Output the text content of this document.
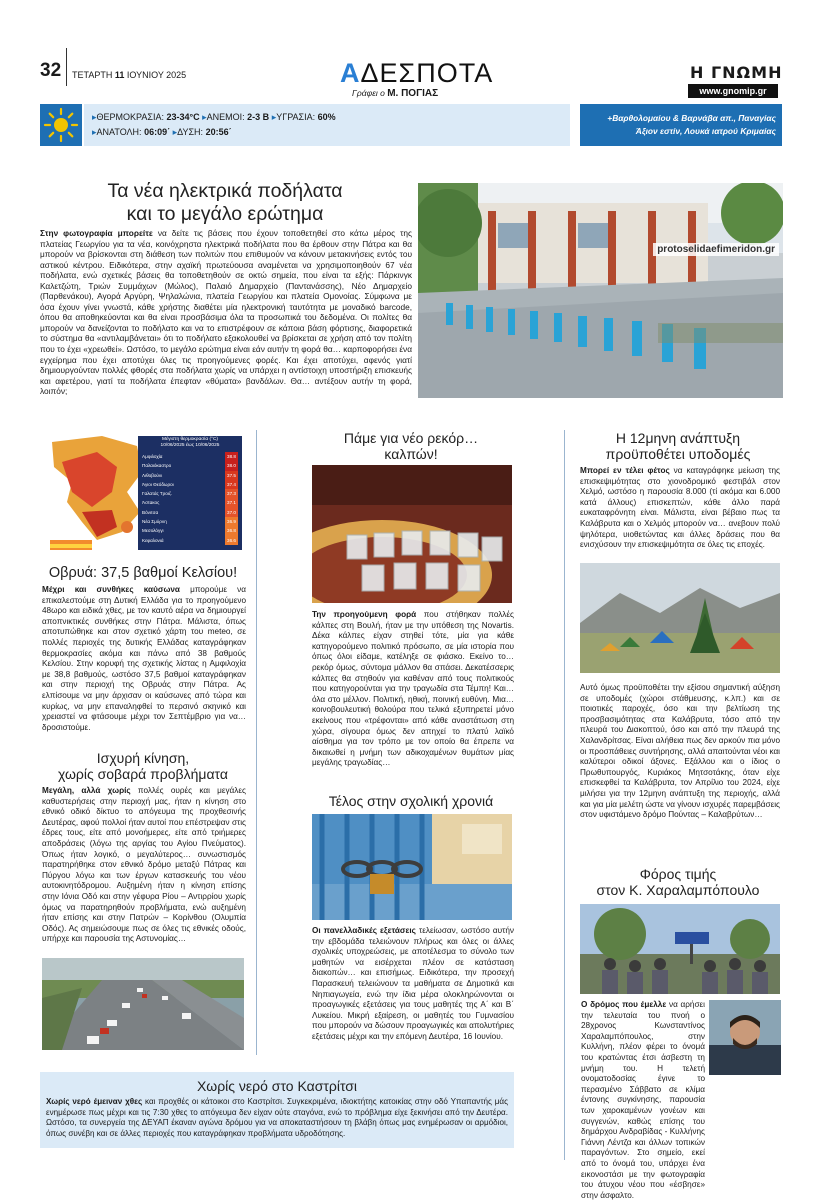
32 ΤΕΤΑΡΤΗ 11 ΙΟΥΝΙΟΥ 2025	ΑΔΕΣΠΟΤΑ
Γράφει ο Μ. ΠΟΓΙΑΣ
Η ΓΝΩΜΗ
www.gnomip.gr
▸ΘΕΡΜΟΚΡΑΣΙΑ: 23-34°C ▸ΑΝΕΜΟΙ: 2-3 Β ▸ΥΓΡΑΣΙΑ: 60%
▸ΑΝΑΤΟΛΗ: 06:09΄ ▸ΔΥΣΗ: 20:56΄
+Βαρθολομαίου & Βαρνάβα απ., Παναγίας
Άξιον εστίν, Λουκά ιατρού Κριμαίας
Τα νέα ηλεκτρικά ποδήλατα
και το μεγάλο ερώτημα

Στην φωτογραφία μπορείτε να δείτε τις βάσεις που έχουν τοποθετηθεί στο κάτω μέρος της πλατείας Γεωργίου για τα νέα, κοινόχρηστα ηλεκτρικά ποδήλατα που θα έρθουν στην Πάτρα και θα μπορούν να βρίσκονται στη διάθεση των πολιτών που επιθυμούν να κάνουν μετακινήσεις εντός του αστικού κέντρου. Ειδικότερα, στην αχαϊκή πρωτεύουσα αναμένεται να χρησιμοποιηθούν 67 νέα ποδήλατα, ενώ σχετικές βάσεις θα τοποθετηθούν σε οκτώ σημεία, που είναι τα εξής: Πάρκινγκ Καλετζώτη, Τριών Συμμάχων (Μώλος), Παλαιό Δημαρχείο (Παντανάσσης), Νέο Δημαρχείο (Παρθενάκου), Αγορά Αργύρη, Ψηλαλώνια, πλατεία Γεωργίου και πλατεία Ομονοίας. Σύμφωνα με όσα έχουν γίνει γνωστά, κάθε χρήστης διαθέτει μία ηλεκτρονική ταυτότητα με μοναδικό barcode, όπου θα αποθηκεύονται και θα είναι προσβάσιμα όλα τα προσωπικά του δεδομένα. Οι πολίτες θα μπορούν να δανείζονται το ποδήλατο και να το επιστρέφουν σε κάποια βάση φόρτισης, διαφορετικά το σύστημα θα «αντιλαμβάνεται» ότι το ποδήλατο εξακολουθεί να βρίσκεται σε χρήση από τον πολίτη που το έχει «χρεωθεί». Ωστόσο, το μεγάλο ερώτημα είναι εάν αυτήν τη φορά θα… καρποφορήσει ένα εγχείρημα που έχει αποτύχει όλες τις προηγούμενες φορές. Και έχει αποτύχει, αφενός γιατί δημιουργούνταν πολλές φθορές στα ποδήλατα χωρίς να υπάρχει η αντίστοιχη υποστήριξη επισκευής και αφετέρου, γιατί τα ποδήλατα έπεφταν «θύματα» βανδάλων. Θα… αντέξουν αυτήν τη φορά, λοιπόν;

protoselidaefimeridon.gr
Μέγιστη θερμοκρασία (°C)
10/06/2025 έως 10/06/2025
Αμφιλοχία	38.8
Παλαιόκαστρο	38.0
Λιθοβούνι	37.5
Άγιοι Θεόδωροι	37.4
Γαλατάς Τροιζ.	37.3
Άστακος	37.1
Βόνιτσα	37.0
Νέα Σμύρνη	36.9
Μεσολόγγι	36.8
Κεφαλονιά	36.6
Οβρυά: 37,5 βαθμοί Κελσίου!

Μέχρι και συνθήκες καύσωνα μπορούμε να επικαλεστούμε στη Δυτική Ελλάδα για το προηγούμενο 48ωρο και ειδικά χθες, με τον καυτό αέρα να δημιουργεί αποπνικτικές συνθήκες στην Πάτρα. Μάλιστα, όπως αποτυπώθηκε και στον σχετικό χάρτη του meteo, σε πολλές περιοχές της δυτικής Ελλάδας καταγράφηκαν θερμοκρασίες ακόμα και πάνω από 38 βαθμούς Κελσίου. Στην κορυφή της σχετικής λίστας η Αμφιλοχία με 38,8 βαθμούς, ωστόσο 37,5 βαθμοί καταγράφηκαν και στην περιοχή της Οβρυάς στην Πάτρα. Ας ελπίσουμε να μην άρχισαν οι καύσωνες από τώρα και κυρίως, να μην επαναληφθεί το περσινό σκηνικό και χρειαστεί να φτάσουμε μέχρι τον Σεπτέμβριο για να… δροσιστούμε.

Ισχυρή κίνηση,
χωρίς σοβαρά προβλήματα

Μεγάλη, αλλά χωρίς πολλές ουρές και μεγάλες καθυστερήσεις στην περιοχή μας, ήταν η κίνηση στο εθνικό οδικό δίκτυο το απόγευμα της προχθεσινής Δευτέρας, αφού πολλοί ήταν αυτοί που επέστρεψαν στις έδρες τους, είτε από μονοήμερες, είτε από τριήμερες αποδράσεις (λόγω της αργίας του Αγίου Πνεύματος). Όπως ήταν λογικό, ο μεγαλύτερος… συνωστισμός παρατηρήθηκε στον εθνικό δρόμο μεταξύ Πάτρας και Πύργου λόγω και των έργων κατασκευής του νέου αυτοκινητόδρομου. Αυξημένη ήταν η κίνηση επίσης στην Ιόνια Οδό και στην γέφυρα Ρίου – Αντιρρίου χωρίς όμως να παρατηρηθούν προβλήματα, ενώ αυξημένη ήταν επίσης και στην Πατρών – Κορίνθου (Ολυμπία Οδός). Ας σημειώσουμε πως σε όλες τις εθνικές οδούς, υπήρχε και παρουσία της Αστυνομίας…

Πάμε για νέο ρεκόρ…
καλπών!

Την προηγούμενη φορά που στήθηκαν πολλές κάλπες στη Βουλή, ήταν με την υπόθεση της Novartis. Δέκα κάλπες είχαν στηθεί τότε, μία για κάθε κατηγορούμενο πολιτικό πρόσωπο, σε μία ιστορία που όπως όλοι είδαμε, κατέληξε σε φιάσκο. Εκείνο το… ρεκόρ όμως, σύντομα μάλλον θα σπάσει. Δεκατέσσερις κάλπες θα στηθούν για καθέναν από τους πολιτικούς που κατηγορούνται για την τραγωδία στα Τέμπη! Και… όλα στο μέλλον. Πολιτική, ηθική, ποινική ευθύνη. Μια… κοινοβουλευτική θολούρα που τελικά εξυπηρετεί μόνο εκείνους που «τρέφονται» από κάθε αναστάτωση στη χώρα, σίγουρα όμως δεν απηχεί το πλατύ λαϊκό αίσθημα για τον τρόπο με τον οποίο θα έπρεπε να δικαιωθεί η μνήμη των αδικοχαμένων θυμάτων μίας μεγάλης τραγωδίας…

Τέλος στην σχολική χρονιά

Οι πανελλαδικές εξετάσεις τελείωσαν, ωστόσο αυτήν την εβδομάδα τελειώνουν πλήρως και όλες οι άλλες σχολικές υποχρεώσεις, με αποτέλεσμα το σύνολο των μαθητών να εισέρχεται πλέον σε κατάσταση διακοπών… και επισήμως. Ειδικότερα, την προσεχή Παρασκευή τελειώνουν τα μαθήματα σε Δημοτικά και Νηπιαγωγεία, ενώ την ίδια μέρα ολοκληρώνονται οι προαγωγικές εξετάσεις για τους μαθητές της Α΄ και Β΄ Λυκείου. Μικρή εξαίρεση, οι μαθητές του Γυμνασίου που μπορούν να δώσουν προαγωγικές και απολυτήριες εξετάσεις μέχρι και την επόμενη Δευτέρα, 16 Ιουνίου.

Η 12μηνη ανάπτυξη
προϋποθέτει υποδομές

Μπορεί εν τέλει φέτος να καταγράφηκε μείωση της επισκεψιμότητας στο χιονοδρομικό φεστιβάλ στον Χελμό, ωστόσο η παρουσία 8.000 (τί ακόμα και 6.000 κατά άλλους) επισκεπτών, κάθε άλλο παρά ευκαταφρόνητη είναι. Μάλιστα, είναι βέβαιο πως τα Καλάβρυτα και ο Χελμός μπορούν να… ανεβουν πολύ ψηλότερα, υιοθετώντας και άλλες δράσεις που θα ενισχύσουν την επισκεψιμότητα σε όλες τις εποχές.

Αυτό όμως προϋποθέτει την εξίσου σημαντική αύξηση σε υποδομές (χώροι στάθμευσης, κ.λπ.) και σε ποιοτικές παροχές, όσο και την βελτίωση της προσβασιμότητας στα Καλάβρυτα, τόσο από την πλευρά του Διακοπτού, όσο και από την πλευρά της Χαλανδρίτσας. Είναι αλήθεια πως δεν αρκούν πια μόνο οι προσπάθειες συντήρησης, αλλά απαιτούνται νέοι και καλύτεροι οδικοί άξονες. Εξάλλου και ο ίδιος ο Πρωθυπουργός, Κυριάκος Μητσοτάκης, όταν είχε επισκεφθεί τα Καλάβρυτα, τον Απρίλιο του 2024, είχε μιλήσει για την 12μηνη ανάπτυξη της περιοχής, αλλά και για μία μελέτη ώστε να γίνουν ισχυρές παρεμβάσεις στον υφιστάμενο δρόμο Πούντας – Καλαβρύτων…

Φόρος τιμής
στον Κ. Χαραλαμπόπουλο

Ο δρόμος που έμελλε να αρήσει την τελευταία του πνοή ο 28χρονος Κωνσταντίνος Χαραλαμπόπουλος, στην Κυλλήνη, πλέον φέρει το όνομά του κρατώντας έτσι άσβεστη τη μνήμη του. Η τελετή ονοματοδοσίας έγινε το περασμένο Σάββατο σε κλίμα έντονης συγκίνησης, παρουσία των χαροκαμένων γονέων και συγγενών, καθώς επίσης του δημάρχου Ανδραβίδας - Κυλλήνης Γιάννη Λέντζα και άλλων τοπικών παραγόντων. Στο σημείο, εκεί από το όνομά του, υπάρχει ένα εικονοστάσι με την φωτογραφία του άτυχου νέου που «έσβησε» στην άσφαλτο.

Χωρίς νερό στο Καστρίτσι

Χωρίς νερό έμειναν χθες και προχθές οι κάτοικοι στο Καστρίτσι. Συγκεκριμένα, ιδιοκτήτης κατοικίας στην οδό Υπαπαντής μάς ενημέρωσε πως μέχρι και τις 7:30 χθες το απόγευμα δεν είχαν ούτε σταγόνα, ενώ το πρόβλημα είχε ξεκινήσει από την Δευτέρα. Ωστόσο, τα συνεργεία της ΔΕΥΑΠ έκαναν αγώνα δρόμου για να αποκαταστήσουν τη βλάβη όπως μας ενημέρωσαν οι αρμόδιοι, όπως συνέβη και σε άλλες περιοχές που καταγράφηκαν προβλήματα υδροδότησης.
